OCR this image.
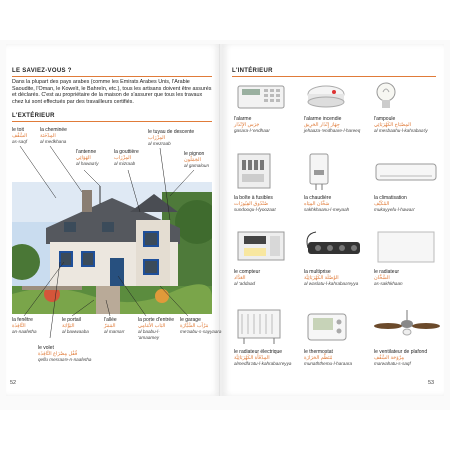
LE SAVIEZ-VOUS ?
Dans la plupart des pays arabes (comme les Emirats Arabes Unis, l'Arabie Saoudite, l'Oman, le Koweït, le Bahreïn, etc.), tous les artisans doivent être assurés et déclarés. C'est au propriétaire de la maison de s'assurer que tous les travaux chez lui sont effectués par des travailleurs certifiés.
L'EXTÉRIEUR
le toit
السَّقْف
as-saqf
la cheminée
المِدْخَنَة
al medkhana
l'antenne
الهَوَائِي
al hawaa'iy
la gouttière
المِزْرَاب
al mizraab
le tuyau de descente
المِزْرَاب
al mezraab
le pignon
الجَمَلُون
al gamaloun
la fenêtre
النَّافِذَة
an-naafetha
le portail
البَوَّابَة
al bawwaaba
l'allée
المَمَرّ
al mamarr
la porte d'entrée
البَاب الأَمَامِي
al baabu-l-'amaamey
le garage
مَرْآب السَّيَّارَة
me'aabu-s-sayyaara
le volet
قُفْل مِصْرَاع النَّافِذَة
qeflu mesraa'e-n-naafetha
52
L'INTÉRIEUR
l'alarme
جَرَس الإِنْذَار
gasara-l-'endhaar
l'alarme incendie
جِهَاز إِنْذَار الحَرِيق
jehaaza-'endhaare-l-hareeq
l'ampoule
المِصْبَاح الكَهْرَبَائِي
al mesbaahu-l-kahrabaa'iy
la boîte à fusibles
صُنْدُوق الفِيُوزَات
sundooqu-l-fyoozaat
la chaudière
سَخَّان المِيَاه
sakhkhaanu-l-meyaah
la climatisation
المُكَيِّف
mukayyefu-l-hawaa'
le compteur
العَدَّاد
al 'addaad
la multiprise
الوُصْلَة الكَهْرَبَائِيَّة
al waslatu-l-kahrabaa'eyya
le radiateur
السَّخَّان
as-sakhkhaan
le radiateur électrique
المِدْفَأَة الكَهْرَبَائِيَّة
almedfa'atu-l-kahrabaa'eyya
le thermostat
مُنَظِّم الحَرَارَة
munaththemu-l-haraara
le ventilateur de plafond
مِرْوَحَة السَّقْف
marwahatu-s-saqf
53
